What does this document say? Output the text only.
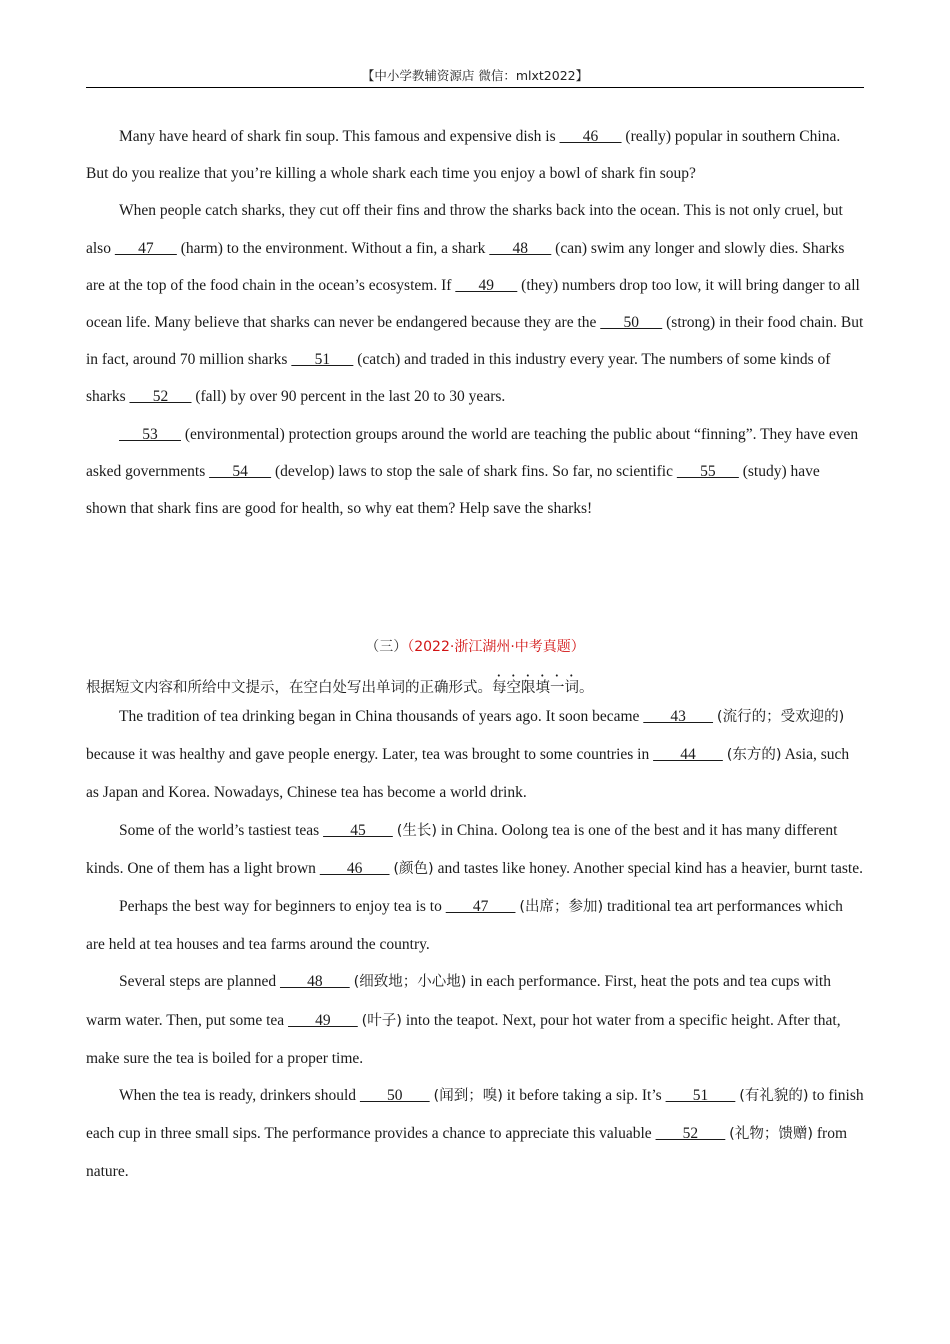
【中小学教辅资源店 微信：mlxt2022】

Many have heard of shark fin soup. This famous and expensive dish is       46       (really) popular in southern China. But do you realize that you’re killing a whole shark each time you enjoy a bowl of shark fin soup?

When people catch sharks, they cut off their fins and throw the sharks back into the ocean. This is not only cruel, but also       47       (harm) to the environment. Without a fin, a shark       48       (can) swim any longer and slowly dies. Sharks are at the top of the food chain in the ocean’s ecosystem. If       49       (they) numbers drop too low, it will bring danger to all ocean life. Many believe that sharks can never be endangered because they are the       50       (strong) in their food chain. But in fact, around 70 million sharks       51       (catch) and traded in this industry every year. The numbers of some kinds of sharks       52       (fall) by over 90 percent in the last 20 to 30 years.

53       (environmental) protection groups around the world are teaching the public about “finning”. They have even asked governments       54       (develop) laws to stop the sale of shark fins. So far, no scientific       55       (study) have shown that shark fins are good for health, so why eat them? Help save the sharks!

（三）（2022·浙江湖州·中考真题）

根据短文内容和所给中文提示，在空白处写出单词的正确形式。每空限填一词。

The tradition of tea drinking began in China thousands of years ago. It soon became        43        (流行的；受欢迎的) because it was healthy and gave people energy. Later, tea was brought to some countries in        44        (东方的) Asia, such as Japan and Korea. Nowadays, Chinese tea has become a world drink.

Some of the world’s tastiest teas        45        (生长) in China. Oolong tea is one of the best and it has many different kinds. One of them has a light brown        46        (颜色) and tastes like honey. Another special kind has a heavier, burnt taste.

Perhaps the best way for beginners to enjoy tea is to        47        (出席；参加) traditional tea art performances which are held at tea houses and tea farms around the country.

Several steps are planned        48        (细致地；小心地) in each performance. First, heat the pots and tea cups with warm water. Then, put some tea        49        (叶子) into the teapot. Next, pour hot water from a specific height. After that, make sure the tea is boiled for a proper time.

When the tea is ready, drinkers should        50        (闻到；嗅) it before taking a sip. It’s        51        (有礼貌的) to finish each cup in three small sips. The performance provides a chance to appreciate this valuable        52        (礼物；馈赠) from nature.
